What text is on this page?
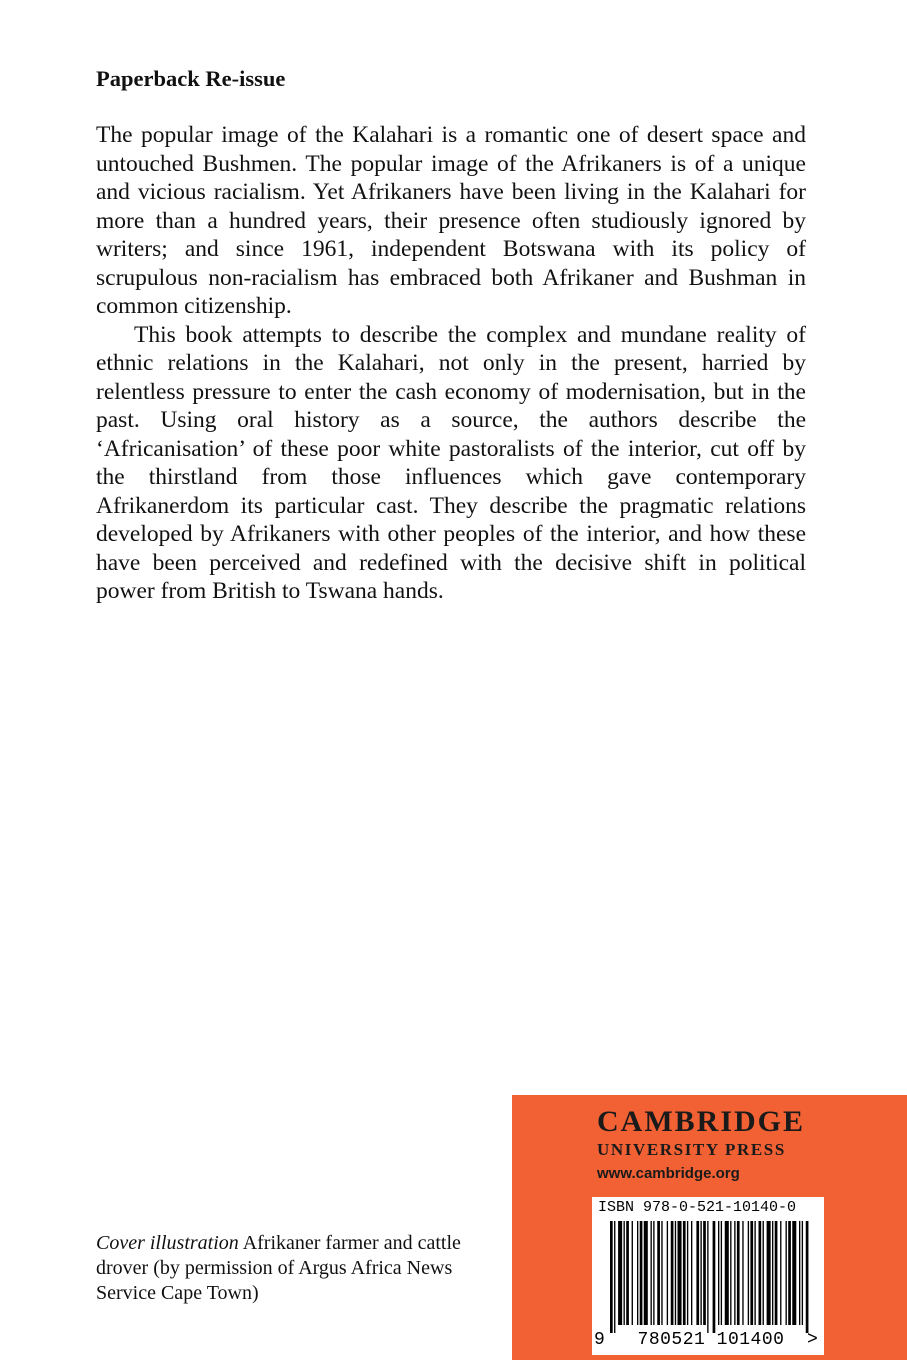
Paperback Re-issue

The popular image of the Kalahari is a romantic one of desert space and untouched Bushmen. The popular image of the Afrikaners is of a unique and vicious racialism. Yet Afrikaners have been living in the Kalahari for more than a hundred years, their presence often studiously ignored by writers; and since 1961, independent Botswana with its policy of scrupulous non-racialism has embraced both Afrikaner and Bushman in common citizenship.

This book attempts to describe the complex and mundane reality of ethnic relations in the Kalahari, not only in the present, harried by relentless pressure to enter the cash economy of modernisation, but in the past. Using oral history as a source, the authors describe the ‘Africanisation’ of these poor white pastoralists of the interior, cut off by the thirstland from those influences which gave contemporary Afrikanerdom its particular cast. They describe the pragmatic relations developed by Afrikaners with other peoples of the interior, and how these have been perceived and redefined with the decisive shift in political power from British to Tswana hands.

Cover illustration Afrikaner farmer and cattle drover (by permission of Argus Africa News Service Cape Town)
CAMBRIDGE
UNIVERSITY PRESS
www.cambridge.org
ISBN 978-0-521-10140-0
9	780521 101400	>
